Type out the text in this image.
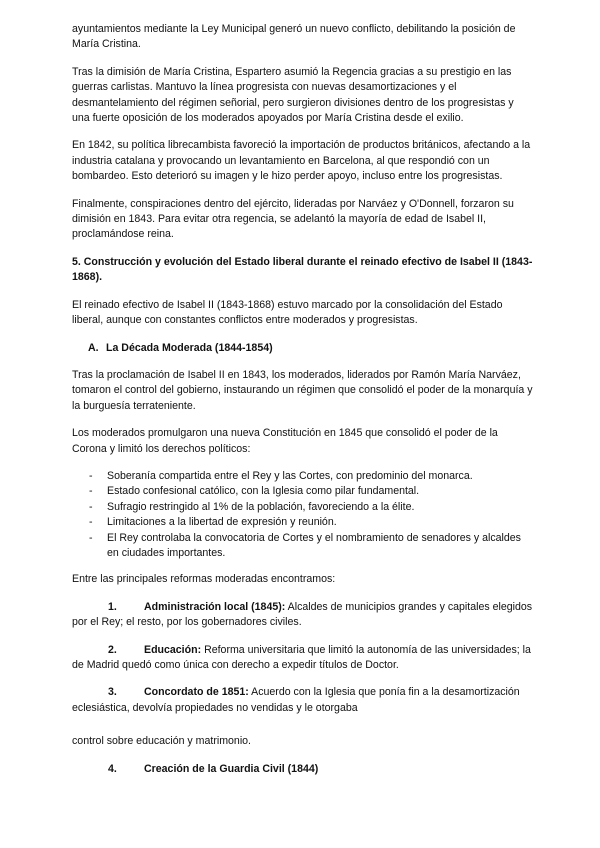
ayuntamientos mediante la Ley Municipal generó un nuevo conflicto, debilitando la posición de María Cristina.

Tras la dimisión de María Cristina, Espartero asumió la Regencia gracias a su prestigio en las guerras carlistas. Mantuvo la línea progresista con nuevas desamortizaciones y el desmantelamiento del régimen señorial, pero surgieron divisiones dentro de los progresistas y una fuerte oposición de los moderados apoyados por María Cristina desde el exilio.

En 1842, su política librecambista favoreció la importación de productos británicos, afectando a la industria catalana y provocando un levantamiento en Barcelona, al que respondió con un bombardeo. Esto deterioró su imagen y le hizo perder apoyo, incluso entre los progresistas.

Finalmente, conspiraciones dentro del ejército, lideradas por Narváez y O'Donnell, forzaron su dimisión en 1843. Para evitar otra regencia, se adelantó la mayoría de edad de Isabel II, proclamándose reina.

5. Construcción y evolución del Estado liberal durante el reinado efectivo de Isabel II (1843-1868).

El reinado efectivo de Isabel II (1843-1868) estuvo marcado por la consolidación del Estado liberal, aunque con constantes conflictos entre moderados y progresistas.

A. La Década Moderada (1844-1854)

Tras la proclamación de Isabel II en 1843, los moderados, liderados por Ramón María Narváez, tomaron el control del gobierno, instaurando un régimen que consolidó el poder de la monarquía y la burguesía terrateniente.

Los moderados promulgaron una nueva Constitución en 1845 que consolidó el poder de la Corona y limitó los derechos políticos:

- Soberanía compartida entre el Rey y las Cortes, con predominio del monarca.
- Estado confesional católico, con la Iglesia como pilar fundamental.
- Sufragio restringido al 1% de la población, favoreciendo a la élite.
- Limitaciones a la libertad de expresión y reunión.
- El Rey controlaba la convocatoria de Cortes y el nombramiento de senadores y alcaldes en ciudades importantes.

Entre las principales reformas moderadas encontramos:

1.	Administración local (1845): Alcaldes de municipios grandes y capitales elegidos por el Rey; el resto, por los gobernadores civiles.
2.	Educación: Reforma universitaria que limitó la autonomía de las universidades; la de Madrid quedó como única con derecho a expedir títulos de Doctor.
3.	Concordato de 1851: Acuerdo con la Iglesia que ponía fin a la desamortización eclesiástica, devolvía propiedades no vendidas y le otorgaba

control sobre educación y matrimonio.

4.	Creación de la Guardia Civil (1844)
